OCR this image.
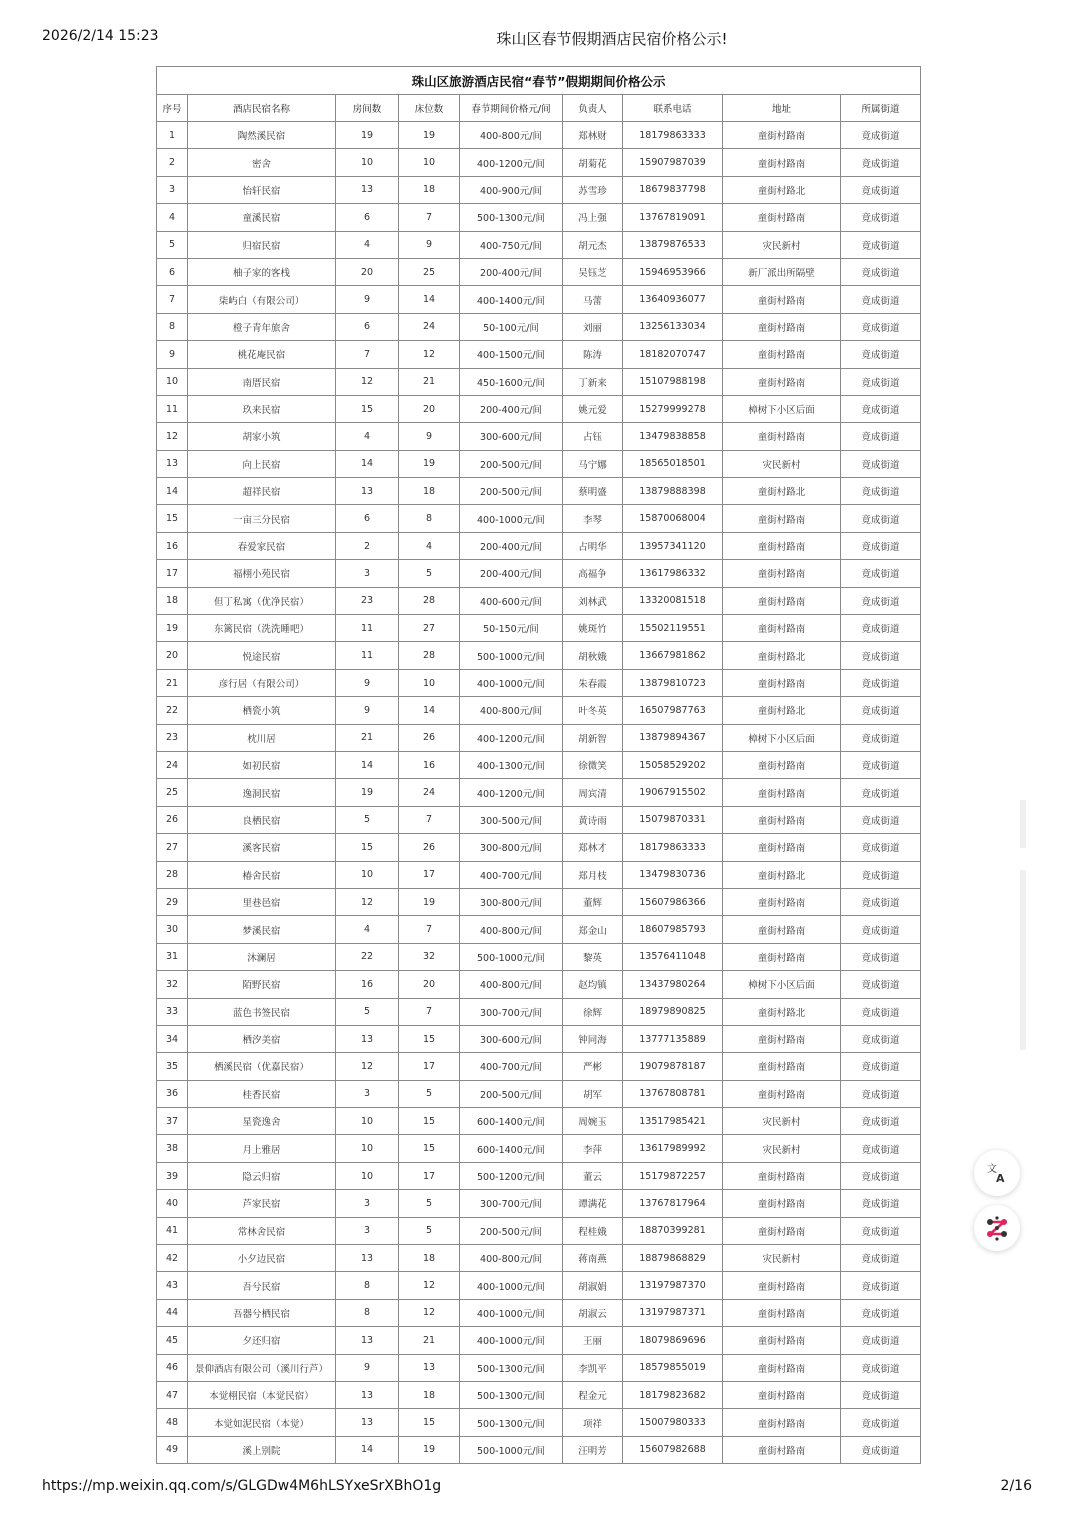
2026/2/14 15:23	珠山区春节假期酒店民宿价格公示!
珠山区旅游酒店民宿“春节”假期期间价格公示								
序号	酒店民宿名称	房间数	床位数	春节期间价格元/间	负责人	联系电话	地址	所属街道
1	陶然溪民宿	19	19	400-800元/间	郑林财	18179863333	童街村路南	竟成街道
2	密舍	10	10	400-1200元/间	胡菊花	15907987039	童街村路南	竟成街道
3	怡轩民宿	13	18	400-900元/间	苏雪珍	18679837798	童街村路北	竟成街道
4	童溪民宿	6	7	500-1300元/间	冯上强	13767819091	童街村路南	竟成街道
5	归宿民宿	4	9	400-750元/间	胡元杰	13879876533	灾民新村	竟成街道
6	柚子家的客栈	20	25	200-400元/间	吴钰芝	15946953966	新厂派出所隔壁	竟成街道
7	柒屿白（有限公司）	9	14	400-1400元/间	马蕾	13640936077	童街村路南	竟成街道
8	橙子青年旅舍	6	24	50-100元/间	刘丽	13256133034	童街村路南	竟成街道
9	桃花庵民宿	7	12	400-1500元/间	陈涛	18182070747	童街村路南	竟成街道
10	南厝民宿	12	21	450-1600元/间	丁新来	15107988198	童街村路南	竟成街道
11	玖来民宿	15	20	200-400元/间	姚元爱	15279999278	樟树下小区后面	竟成街道
12	胡家小筑	4	9	300-600元/间	占钰	13479838858	童街村路南	竟成街道
13	向上民宿	14	19	200-500元/间	马宁娜	18565018501	灾民新村	竟成街道
14	超祥民宿	13	18	200-500元/间	蔡明盛	13879888398	童街村路北	竟成街道
15	一亩三分民宿	6	8	400-1000元/间	李琴	15870068004	童街村路南	竟成街道
16	春爱家民宿	2	4	200-400元/间	占明华	13957341120	童街村路南	竟成街道
17	福栩小苑民宿	3	5	200-400元/间	高福争	13617986332	童街村路南	竟成街道
18	但丁私寓（优净民宿）	23	28	400-600元/间	刘林武	13320081518	童街村路南	竟成街道
19	东篱民宿（洗洗睡吧）	11	27	50-150元/间	姚斑竹	15502119551	童街村路南	竟成街道
20	悦途民宿	11	28	500-1000元/间	胡秋娥	13667981862	童街村路北	竟成街道
21	彦行居（有限公司）	9	10	400-1000元/间	朱春霞	13879810723	童街村路南	竟成街道
22	栖瓷小筑	9	14	400-800元/间	叶冬英	16507987763	童街村路北	竟成街道
23	枕川居	21	26	400-1200元/间	胡新智	13879894367	樟树下小区后面	竟成街道
24	如初民宿	14	16	400-1300元/间	徐微笑	15058529202	童街村路南	竟成街道
25	逸洞民宿	19	24	400-1200元/间	周宾清	19067915502	童街村路南	竟成街道
26	良栖民宿	5	7	300-500元/间	黄诗雨	15079870331	童街村路南	竟成街道
27	溪客民宿	15	26	300-800元/间	郑林才	18179863333	童街村路南	竟成街道
28	椿舍民宿	10	17	400-700元/间	郑月枝	13479830736	童街村路北	竟成街道
29	里巷邑宿	12	19	300-800元/间	董辉	15607986366	童街村路南	竟成街道
30	梦溪民宿	4	7	400-800元/间	郑金山	18607985793	童街村路南	竟成街道
31	沐澜居	22	32	500-1000元/间	黎英	13576411048	童街村路南	竟成街道
32	陌野民宿	16	20	400-800元/间	赵均镇	13437980264	樟树下小区后面	竟成街道
33	蓝色书签民宿	5	7	300-700元/间	徐辉	18979890825	童街村路北	竟成街道
34	栖汐美宿	13	15	300-600元/间	钟同海	13777135889	童街村路南	竟成街道
35	栖溪民宿（优嘉民宿）	12	17	400-700元/间	严彬	19079878187	童街村路南	竟成街道
36	桂香民宿	3	5	200-500元/间	胡军	13767808781	童街村路南	竟成街道
37	星瓷逸舍	10	15	600-1400元/间	周婉玉	13517985421	灾民新村	竟成街道
38	月上雅居	10	15	600-1400元/间	李萍	13617989992	灾民新村	竟成街道
39	隐云归宿	10	17	500-1200元/间	董云	15179872257	童街村路南	竟成街道
40	芦家民宿	3	5	300-700元/间	谭满花	13767817964	童街村路南	竟成街道
41	常林舍民宿	3	5	200-500元/间	程桂娥	18870399281	童街村路南	竟成街道
42	小夕边民宿	13	18	400-800元/间	蒋南燕	18879868829	灾民新村	竟成街道
43	吾兮民宿	8	12	400-1000元/间	胡淑娟	13197987370	童街村路南	竟成街道
44	吾器兮栖民宿	8	12	400-1000元/间	胡淑云	13197987371	童街村路南	竟成街道
45	夕还归宿	13	21	400-1000元/间	王丽	18079869696	童街村路南	竟成街道
46	景仰酒店有限公司（溪川行芦）	9	13	500-1300元/间	李凯平	18579855019	童街村路南	竟成街道
47	本觉栩民宿（本觉民宿）	13	18	500-1300元/间	程金元	18179823682	童街村路南	竟成街道
48	本觉如泥民宿（本觉）	13	15	500-1300元/间	项祥	15007980333	童街村路南	竟成街道
49	溪上别院	14	19	500-1000元/间	汪明芳	15607982688	童街村路南	竟成街道
文
A
https://mp.weixin.qq.com/s/GLGDw4M6hLSYxeSrXBhO1g	2/16
